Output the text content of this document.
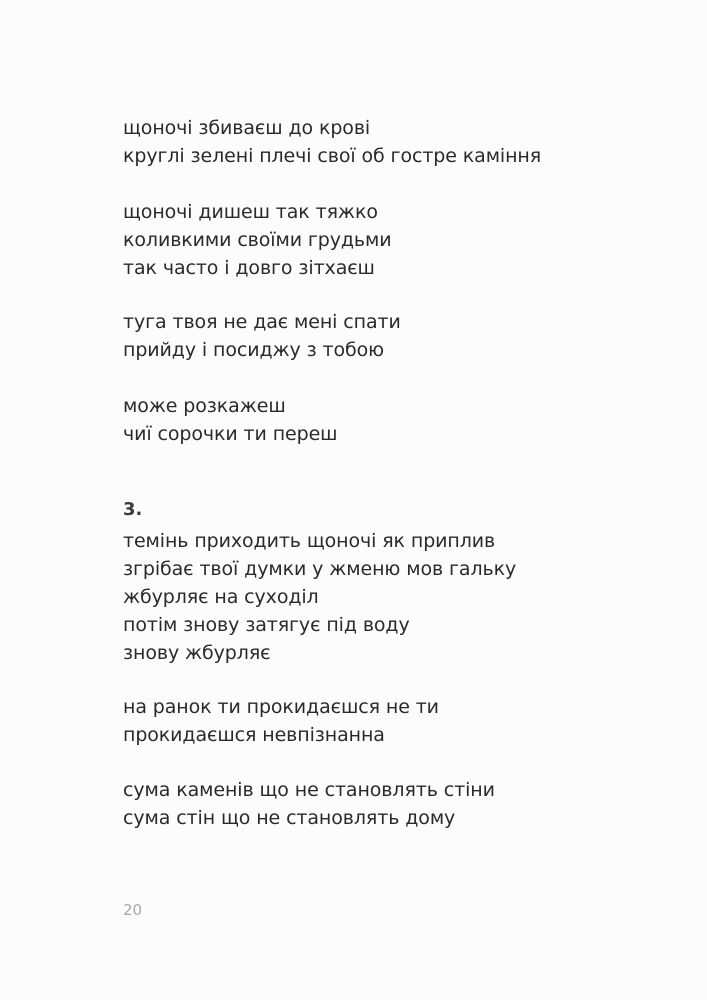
щоночі збиваєш до крові
круглі зелені плечі свої об гостре каміння
щоночі дишеш так тяжко
коливкими своїми грудьми
так часто і довго зітхаєш
туга твоя не дає мені спати
прийду і посиджу з тобою
може розкажеш
чиї сорочки ти переш
3.
темінь приходить щоночі як приплив
згрібає твої думки у жменю мов гальку
жбурляє на суходіл
потім знову затягує під воду
знову жбурляє
на ранок ти прокидаєшся не ти
прокидаєшся невпізнанна
сума каменів що не становлять стіни
сума стін що не становлять дому
20
